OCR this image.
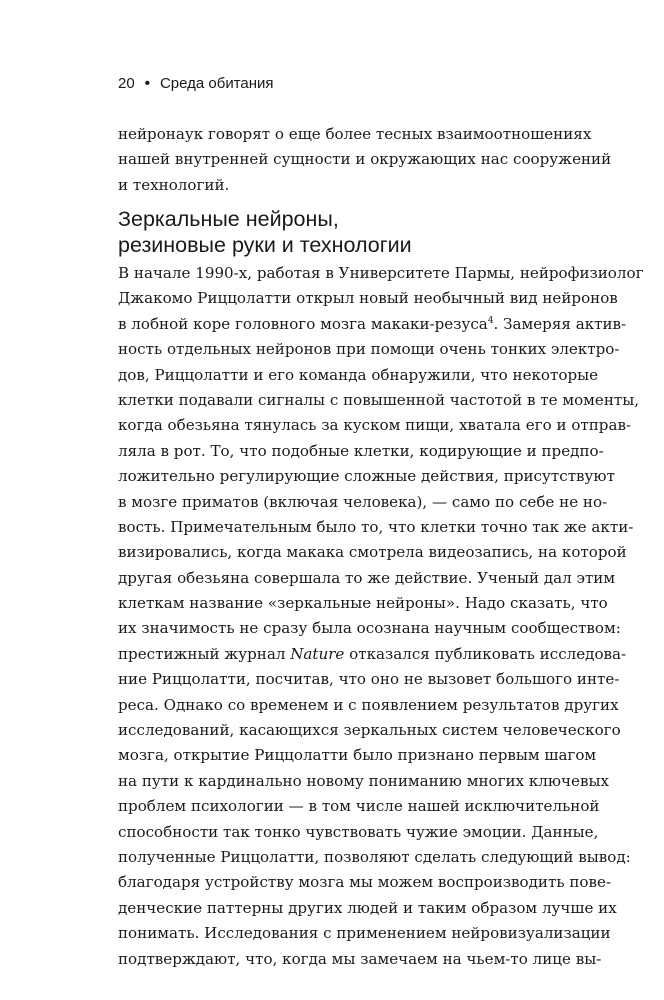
20 • Среда обитания
нейронаук говорят о еще более тесных взаимоотношениях
нашей внутренней сущности и окружающих нас сооружений
и технологий.
Зеркальные нейроны,
резиновые руки и технологии
В начале 1990-х, работая в Университете Пармы, нейрофизиолог
Джакомо Риццолатти открыл новый необычный вид нейронов
в лобной коре головного мозга макаки-резуса$^4$. Замеряя актив-
ность отдельных нейронов при помощи очень тонких электро-
дов, Риццолатти и его команда обнаружили, что некоторые
клетки подавали сигналы с повышенной частотой в те моменты,
когда обезьяна тянулась за куском пищи, хватала его и отправ-
ляла в рот. То, что подобные клетки, кодирующие и предпо-
ложительно регулирующие сложные действия, присутствуют
в мозге приматов (включая человека), — само по себе не но-
вость. Примечательным было то, что клетки точно так же акти-
визировались, когда макака смотрела видеозапись, на которой
другая обезьяна совершала то же действие. Ученый дал этим
клеткам название «зеркальные нейроны». Надо сказать, что
их значимость не сразу была осознана научным сообществом:
престижный журнал Nature отказался публиковать исследова-
ние Риццолатти, посчитав, что оно не вызовет большого инте-
реса. Однако со временем и с появлением результатов других
исследований, касающихся зеркальных систем человеческого
мозга, открытие Риццолатти было признано первым шагом
на пути к кардинально новому пониманию многих ключевых
проблем психологии — в том числе нашей исключительной
способности так тонко чувствовать чужие эмоции. Данные,
полученные Риццолатти, позволяют сделать следующий вывод:
благодаря устройству мозга мы можем воспроизводить пове-
денческие паттерны других людей и таким образом лучше их
понимать. Исследования с применением нейровизуализации
подтверждают, что, когда мы замечаем на чьем-то лице вы-
